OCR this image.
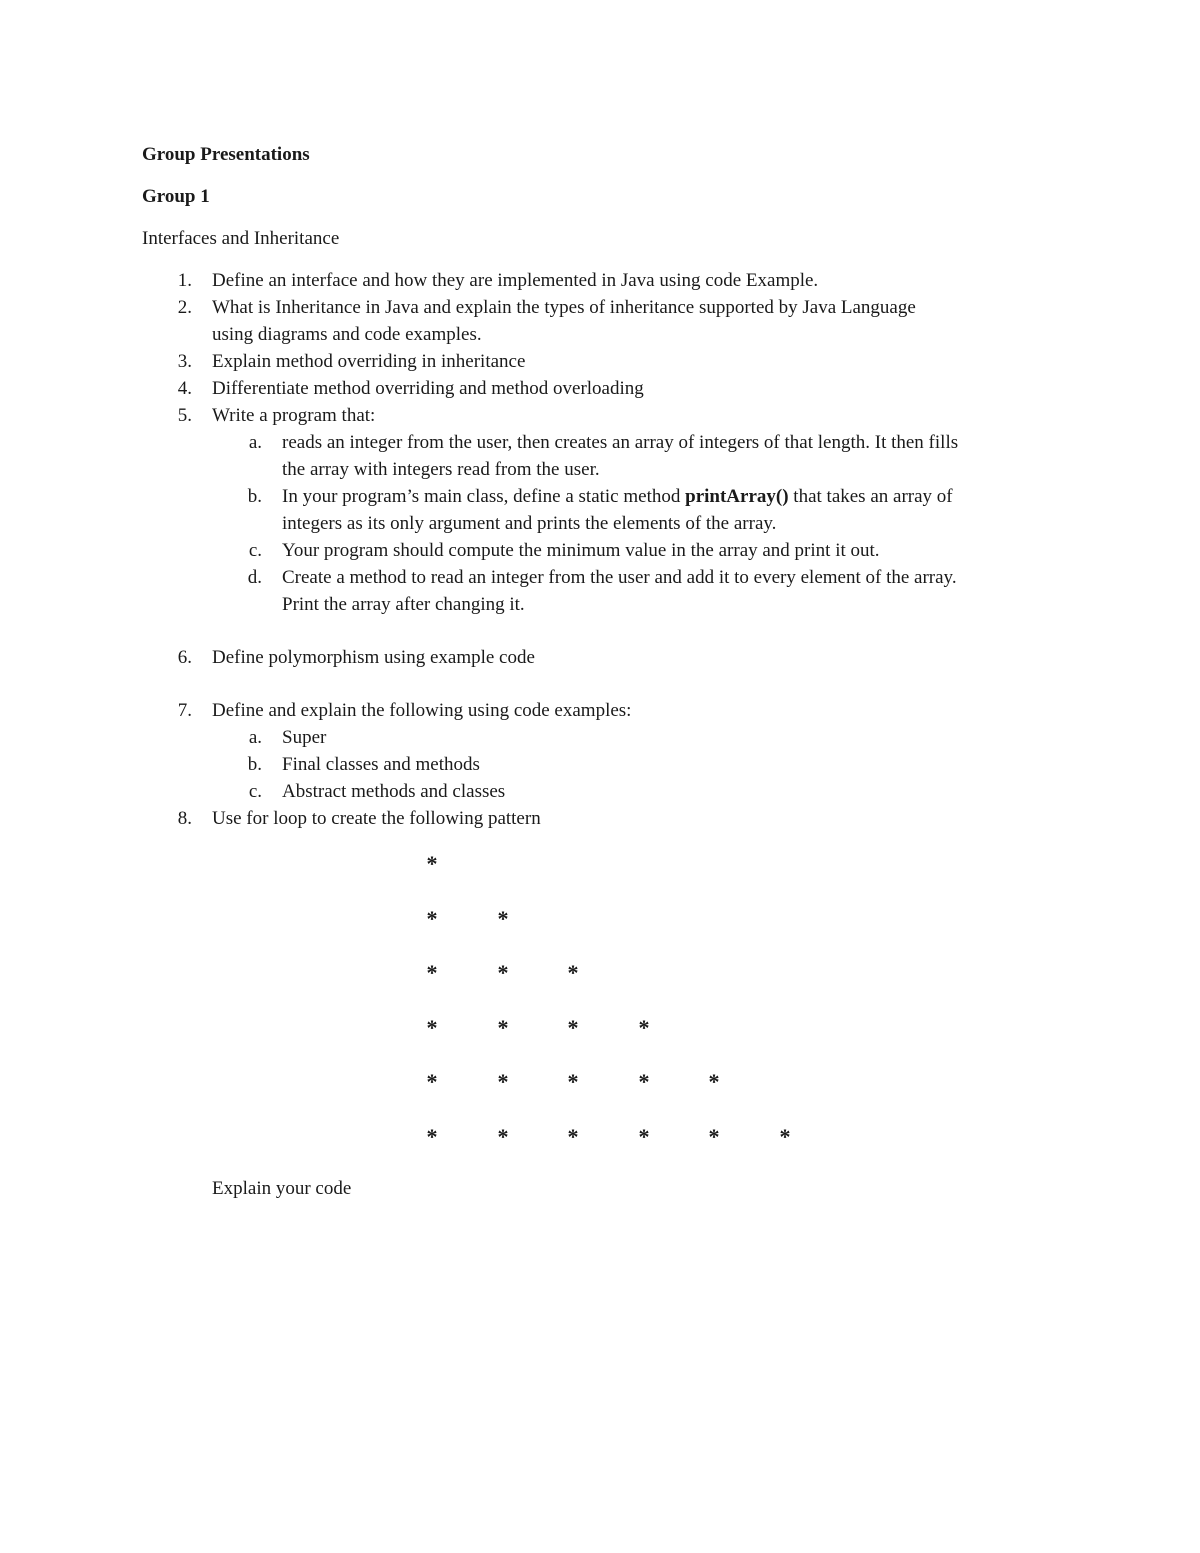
Group Presentations
Group 1
Interfaces and Inheritance
1. Define an interface and how they are implemented in Java using code Example.
2. What is Inheritance in Java and explain the types of inheritance supported by Java Language
using diagrams and code examples.
3. Explain method overriding in inheritance
4. Differentiate method overriding and method overloading
5. Write a program that:
a. reads an integer from the user, then creates an array of integers of that length. It then fills
the array with integers read from the user.
b. In your program’s main class, define a static method printArray() that takes an array of
integers as its only argument and prints the elements of the array.
c. Your program should compute the minimum value in the array and print it out.
d. Create a method to read an integer from the user and add it to every element of the array.
Print the array after changing it.
6. Define polymorphism using example code
7. Define and explain the following using code examples:
a. Super
b. Final classes and methods
c. Abstract methods and classes
8. Use for loop to create the following pattern
*
*	*
*	*	*
*	*	*	*
*	*	*	*	*
*	*	*	*	*	*
Explain your code
